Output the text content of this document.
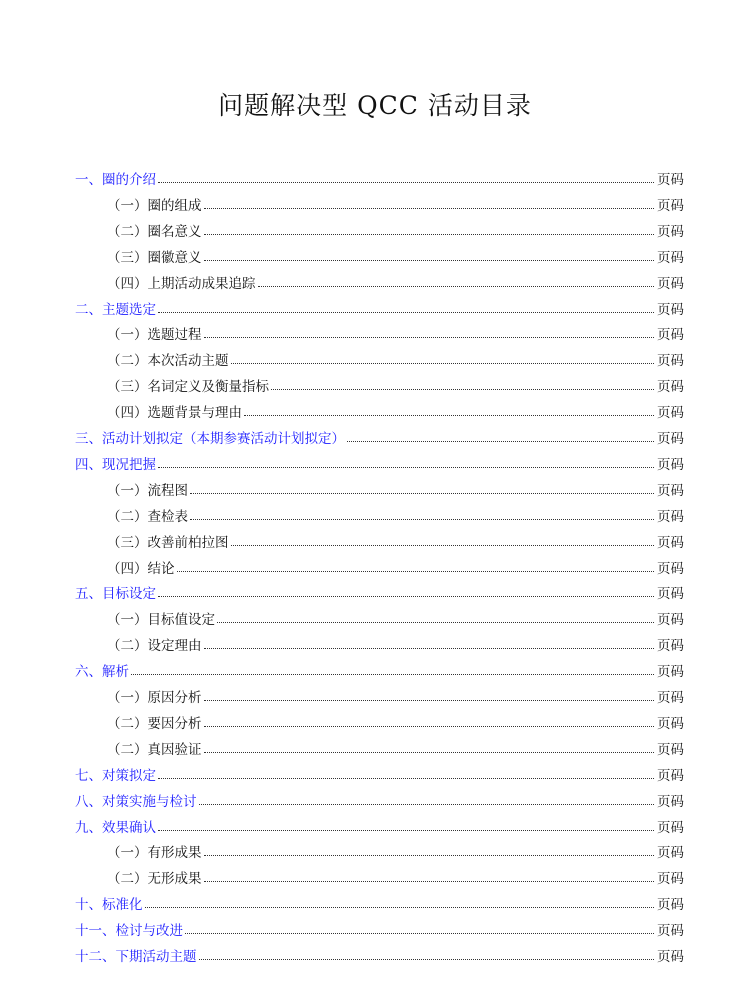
问题解决型 QCC 活动目录
一、圈的介绍	页码
（一）圈的组成	页码
（二）圈名意义	页码
（三）圈徽意义	页码
（四）上期活动成果追踪	页码
二、主题选定	页码
（一）选题过程	页码
（二）本次活动主题	页码
（三）名词定义及衡量指标	页码
（四）选题背景与理由	页码
三、活动计划拟定（本期参赛活动计划拟定）	页码
四、现况把握	页码
（一）流程图	页码
（二）查检表	页码
（三）改善前柏拉图	页码
（四）结论	页码
五、目标设定	页码
（一）目标值设定	页码
（二）设定理由	页码
六、解析	页码
（一）原因分析	页码
（二）要因分析	页码
（二）真因验证	页码
七、对策拟定	页码
八、对策实施与检讨	页码
九、效果确认	页码
（一）有形成果	页码
（二）无形成果	页码
十、标准化	页码
十一、检讨与改进	页码
十二、下期活动主题	页码
